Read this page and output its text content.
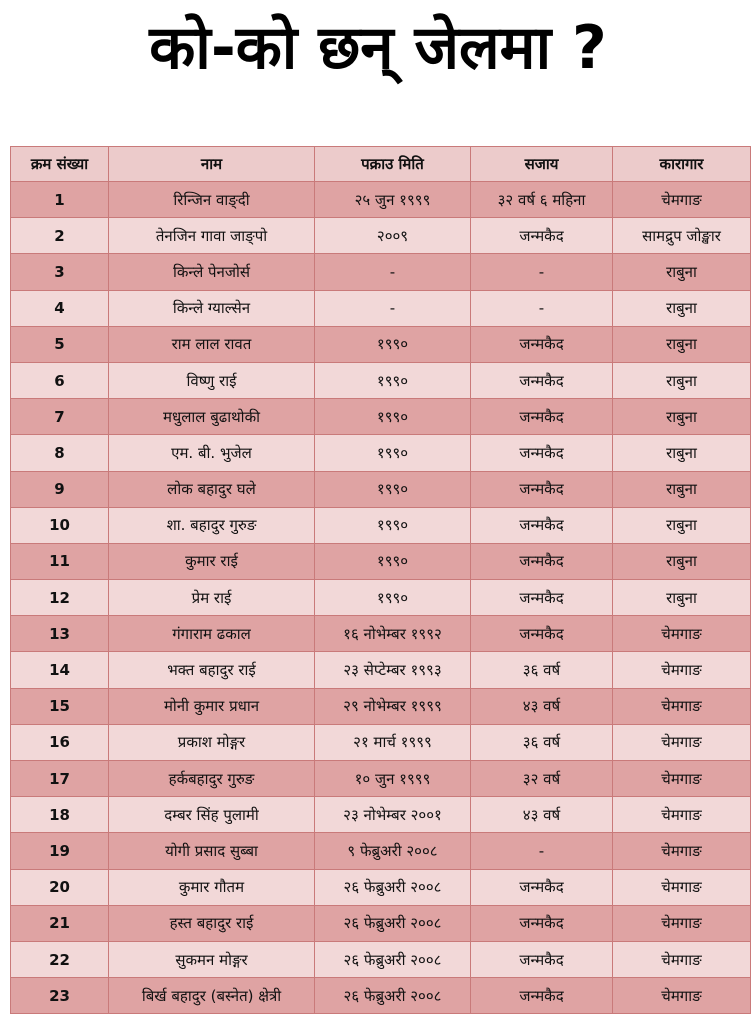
को-को छन् जेलमा ?
क्रम संख्या	नाम	पक्राउ मिति	सजाय	कारागार
1	रिन्जिन वाङ्दी	२५ जुन १९९९	३२ वर्ष ६ महिना	चेमगाङ
2	तेनजिन गावा जाङ्पो	२००९	जन्मकैद	सामद्रुप जोङ्खार
3	किन्ले पेनजोर्स	-	-	राबुना
4	किन्ले ग्याल्सेन	-	-	राबुना
5	राम लाल रावत	१९९०	जन्मकैद	राबुना
6	विष्णु राई	१९९०	जन्मकैद	राबुना
7	मधुलाल बुढाथोकी	१९९०	जन्मकैद	राबुना
8	एम. बी. भुजेल	१९९०	जन्मकैद	राबुना
9	लोक बहादुर घले	१९९०	जन्मकैद	राबुना
10	शा. बहादुर गुरुङ	१९९०	जन्मकैद	राबुना
11	कुमार राई	१९९०	जन्मकैद	राबुना
12	प्रेम राई	१९९०	जन्मकैद	राबुना
13	गंगाराम ढकाल	१६ नोभेम्बर १९९२	जन्मकैद	चेमगाङ
14	भक्त बहादुर राई	२३ सेप्टेम्बर १९९३	३६ वर्ष	चेमगाङ
15	मोनी कुमार प्रधान	२९ नोभेम्बर १९९९	४३ वर्ष	चेमगाङ
16	प्रकाश मोङ्गर	२१ मार्च १९९९	३६ वर्ष	चेमगाङ
17	हर्कबहादुर गुरुङ	१० जुन १९९९	३२ वर्ष	चेमगाङ
18	दम्बर सिंह पुलामी	२३ नोभेम्बर २००१	४३ वर्ष	चेमगाङ
19	योगी प्रसाद सुब्बा	९ फेब्रुअरी २००८	-	चेमगाङ
20	कुमार गौतम	२६ फेब्रुअरी २००८	जन्मकैद	चेमगाङ
21	हस्त बहादुर राई	२६ फेब्रुअरी २००८	जन्मकैद	चेमगाङ
22	सुकमन मोङ्गर	२६ फेब्रुअरी २००८	जन्मकैद	चेमगाङ
23	बिर्ख बहादुर (बस्नेत) क्षेत्री	२६ फेब्रुअरी २००८	जन्मकैद	चेमगाङ
